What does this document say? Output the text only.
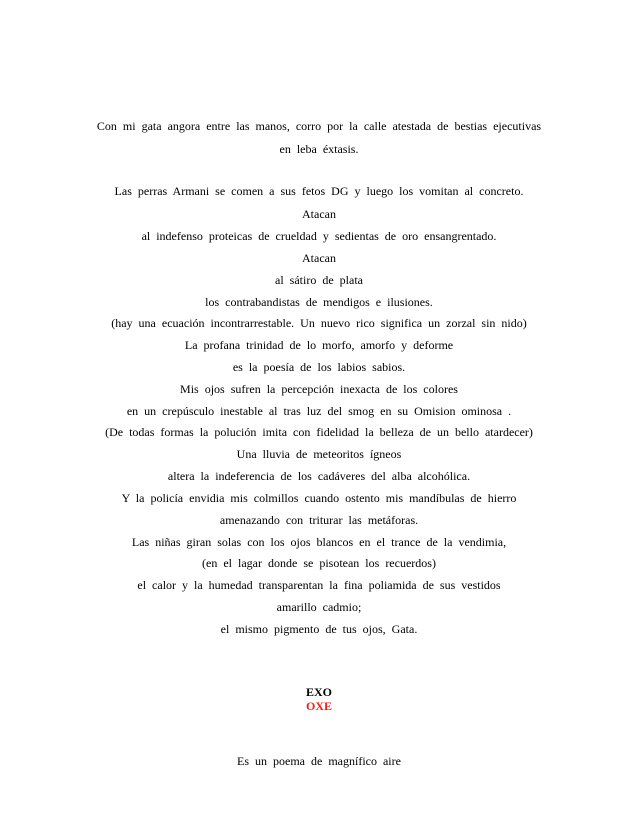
Con mi gata angora entre las manos, corro por la calle atestada de bestias ejecutivas
en leba éxtasis.
Las perras Armani se comen a sus fetos DG y luego los vomitan al concreto.
Atacan
al indefenso proteicas de crueldad y sedientas de oro ensangrentado.
Atacan
al sátiro de plata
los contrabandistas de mendigos e ilusiones.
(hay una ecuación incontrarrestable. Un nuevo rico significa un zorzal sin nido)
La profana trinidad de lo morfo, amorfo y deforme
es la poesía de los labios sabios.
Mis ojos sufren la percepción inexacta de los colores
en un crepúsculo inestable al tras luz del smog en su Omision ominosa .
(De todas formas la polución imita con fidelidad la belleza de un bello atardecer)
Una lluvia de meteoritos ígneos
altera la indeferencia de los cadáveres del alba alcohólica.
Y la policía envidia mis colmillos cuando ostento mis mandíbulas de hierro
amenazando con triturar las metáforas.
Las niñas giran solas con los ojos blancos en el trance de la vendimia,
(en el lagar donde se pisotean los recuerdos)
el calor y la humedad transparentan la fina poliamida de sus vestidos
amarillo cadmio;
el mismo pigmento de tus ojos, Gata.
EXO
OXE
Es un poema de magnífico aire
